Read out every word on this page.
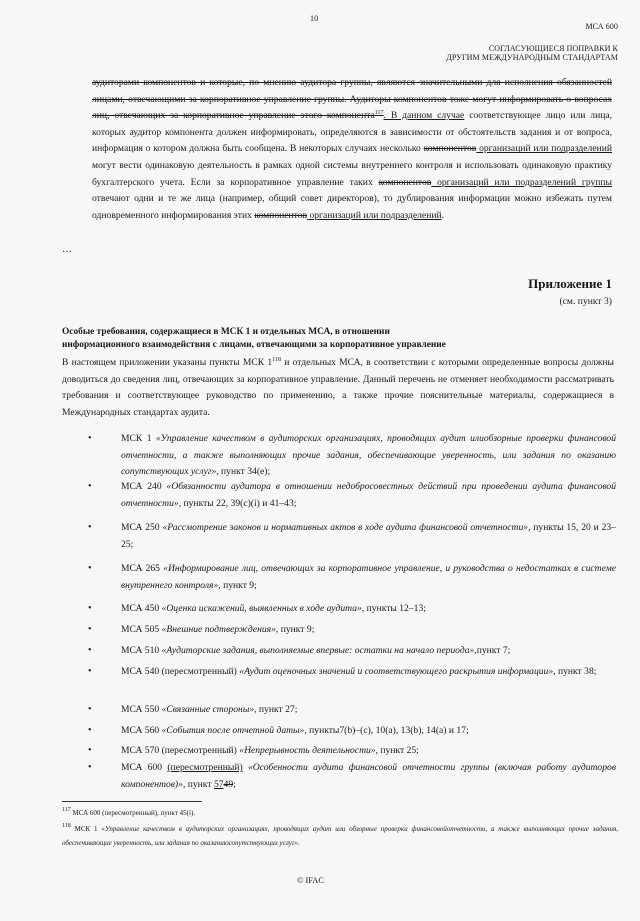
10
МСА 600
СОГЛАСУЮЩИЕСЯ ПОПРАВКИ К
ДРУГИМ МЕЖДУНАРОДНЫМ СТАНДАРТАМ
аудиторами компонентов и которые, по мнению аудитора группы, являются значительными для исполнения обязанностей лицами, отвечающими за корпоративное управление группы. Аудиторы компонентов тоже могут информировать о вопросах лиц, отвечающих за корпоративное управление этого компонента$^{117}$. В данном случае соответствующее лицо или лица, которых аудитор компонента должен информировать, определяются в зависимости от обстоятельств задания и от вопроса, информация о котором должна быть сообщена. В некоторых случаях несколько компонентов организаций или подразделений могут вести одинаковую деятельность в рамках одной системы внутреннего контроля и использовать одинаковую практику бухгалтерского учета. Если за корпоративное управление таких компонентов организаций или подразделений группы отвечают одни и те же лица (например, общий совет директоров), то дублирования информации можно избежать путем одновременного информирования этих компонентов организаций или подразделений.
…
Приложение 1
(см. пункт 3)
Особые требования, содержащиеся в МСК 1 и отдельных МСА, в отношении
информационного взаимодействия с лицами, отвечающими за корпоративное управление
В настоящем приложении указаны пункты МСК $1^{118}$ и отдельных МСА, в соответствии с которыми определенные вопросы должны доводиться до сведения лиц, отвечающих за корпоративное управление. Данный перечень не отменяет необходимости рассматривать требования и соответствующее руководство по применению, а также прочие пояснительные материалы, содержащиеся в Международных стандартах аудита.
•	МСК 1 «Управление качеством в аудиторских организациях, проводящих аудит илиобзорные проверки финансовой отчетности, а также выполняющих прочие задания, обеспечивающие уверенность, или задания по оказанию сопутствующих услуг», пункт 34(e);
•	МСА 240 «Обязанности аудитора в отношении недобросовестных действий при проведении аудита финансовой отчетности», пункты 22, 39(c)(i) и 41–43;
•	МСА 250 «Рассмотрение законов и нормативных актов в ходе аудита финансовой отчетности», пункты 15, 20 и 23–25;
•	МСА 265 «Информирование лиц, отвечающих за корпоративное управление, и руководства о недостатках в системе внутреннего контроля», пункт 9;
•	МСА 450 «Оценка искажений, выявленных в ходе аудита», пункты 12–13;
•	МСА 505 «Внешние подтверждения», пункт 9;
•	МСА 510 «Аудиторские задания, выполняемые впервые: остатки на начало периода»,пункт 7;
•	МСА 540 (пересмотренный) «Аудит оценочных значений и соответствующего раскрытия информации», пункт 38;
•	МСА 550 «Связанные стороны», пункт 27;
•	МСА 560 «События после отчетной даты», пункты7(b)–(c), 10(a), 13(b), 14(a) и 17;
•	МСА 570 (пересмотренный) «Непрерывность деятельности», пункт 25;
•	МСА 600 (пересмотренный) «Особенности аудита финансовой отчетности группы (включая работу аудиторов компонентов)», пункт 5749;
$^{117}$ МСА 600 (пересмотренный), пункт 45(i).
$^{118}$ МСК 1 «Управление качеством в аудиторских организациях, проводящих аудит или обзорные проверки финансовойотчетности, а также выполняющих прочие задания, обеспечивающие уверенность, или задания по оказаниюсопутствующих услуг».
© IFAC
